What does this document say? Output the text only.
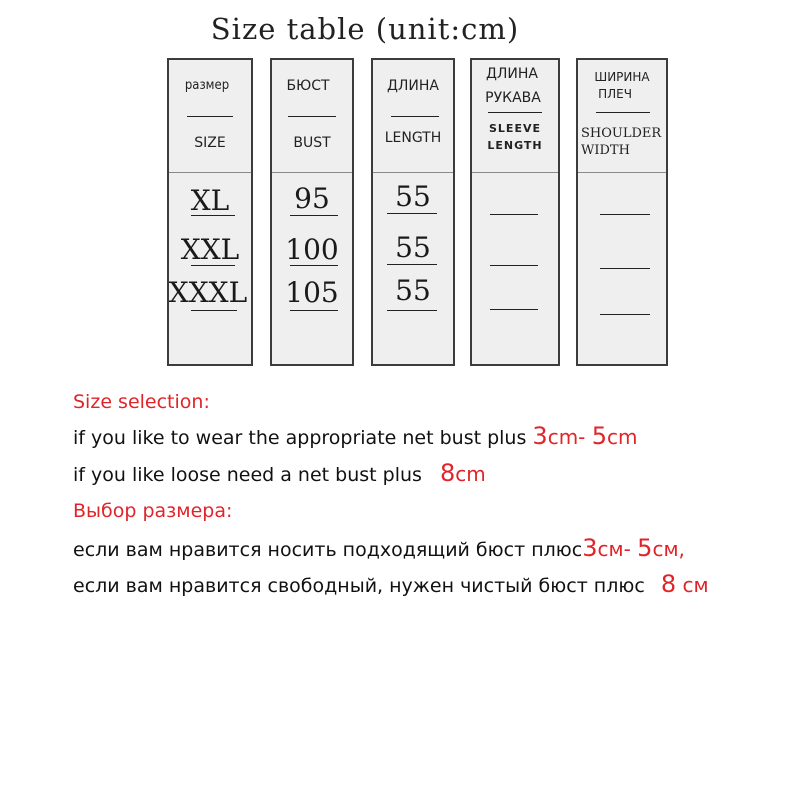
Size table (unit:cm)
размер
SIZE
XL
XXL
XXXL
БЮСТ
BUST
95
100
105
ДЛИНА
LENGTH
55
55
55
ДЛИНА
РУКАВА
SLEEVE
LENGTH
ШИРИНА
ПЛЕЧ
SHOULDER
WIDTH
Size selection:
if you like to wear the appropriate net bust plus 3cm- 5cm
if you like loose need a net bust plus 8cm
Выбор размера:
если вам нравится носить подходящий бюст плюс3см- 5см,
если вам нравится свободный, нужен чистый бюст плюс 8 см
